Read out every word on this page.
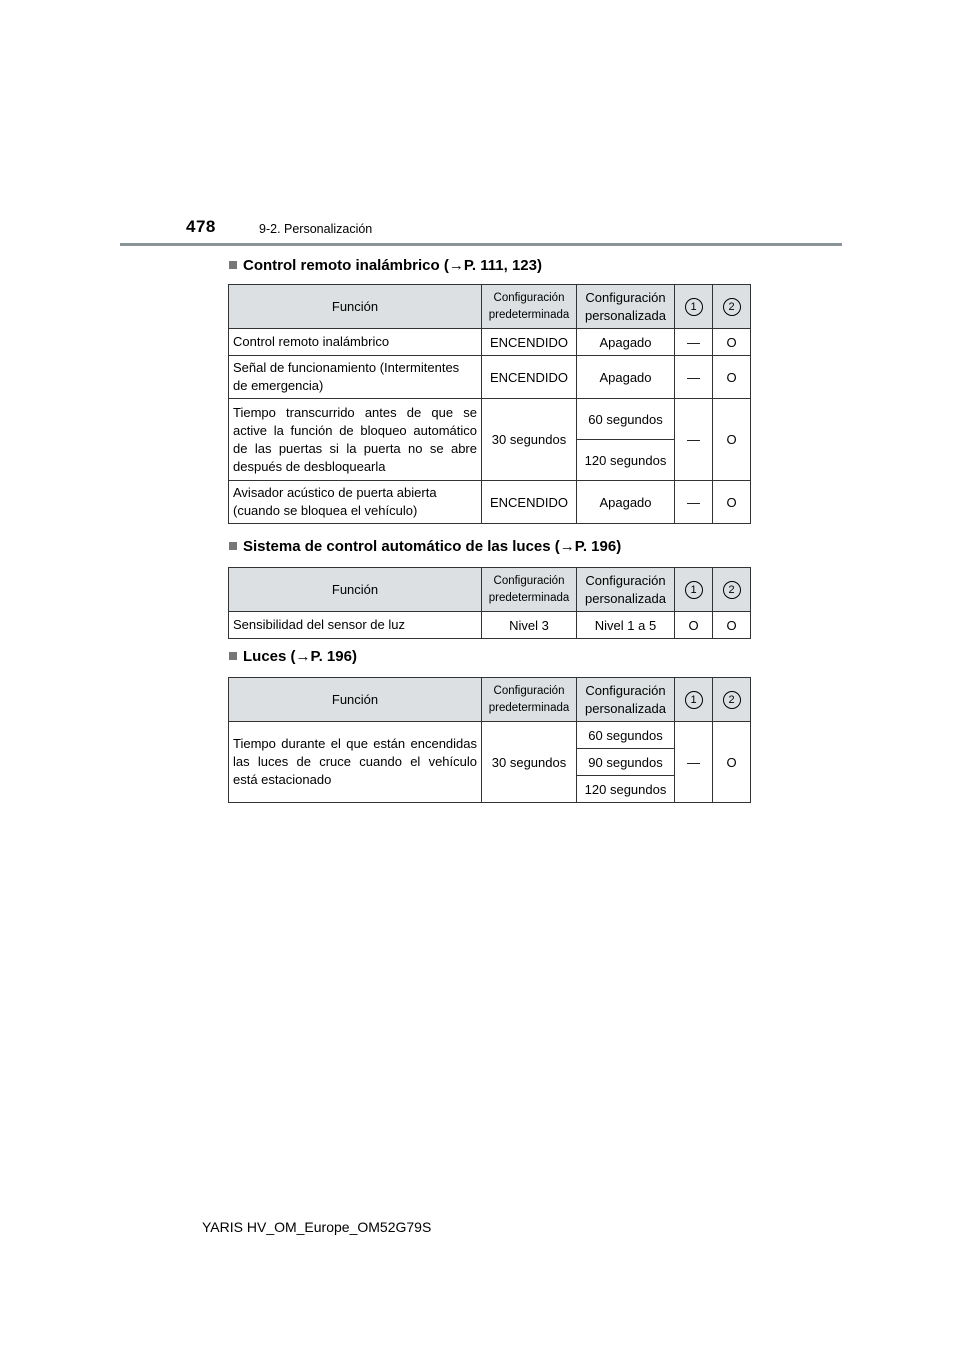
478	9-2. Personalización
Control remoto inalámbrico (→P. 111, 123)
Función	Configuración predeterminada	Configuración personalizada	1	2
Control remoto inalámbrico	ENCENDIDO	Apagado	—	O
Señal de funcionamiento (Intermitentes de emergencia)	ENCENDIDO	Apagado	—	O
Tiempo transcurrido antes de que se active la función de bloqueo automático de las puertas si la puerta no se abre después de desbloquearla	30 segundos	60 segundos	—	O
		120 segundos		
Avisador acústico de puerta abierta (cuando se bloquea el vehículo)	ENCENDIDO	Apagado	—	O
Sistema de control automático de las luces (→P. 196)
Función	Configuración predeterminada	Configuración personalizada	1	2
Sensibilidad del sensor de luz	Nivel 3	Nivel 1 a 5	O	O
Luces (→P. 196)
Función	Configuración predeterminada	Configuración personalizada	1	2
Tiempo durante el que están encendidas las luces de cruce cuando el vehículo está estacionado	30 segundos	60 segundos	—	O
		90 segundos		
		120 segundos		
YARIS HV_OM_Europe_OM52G79S
